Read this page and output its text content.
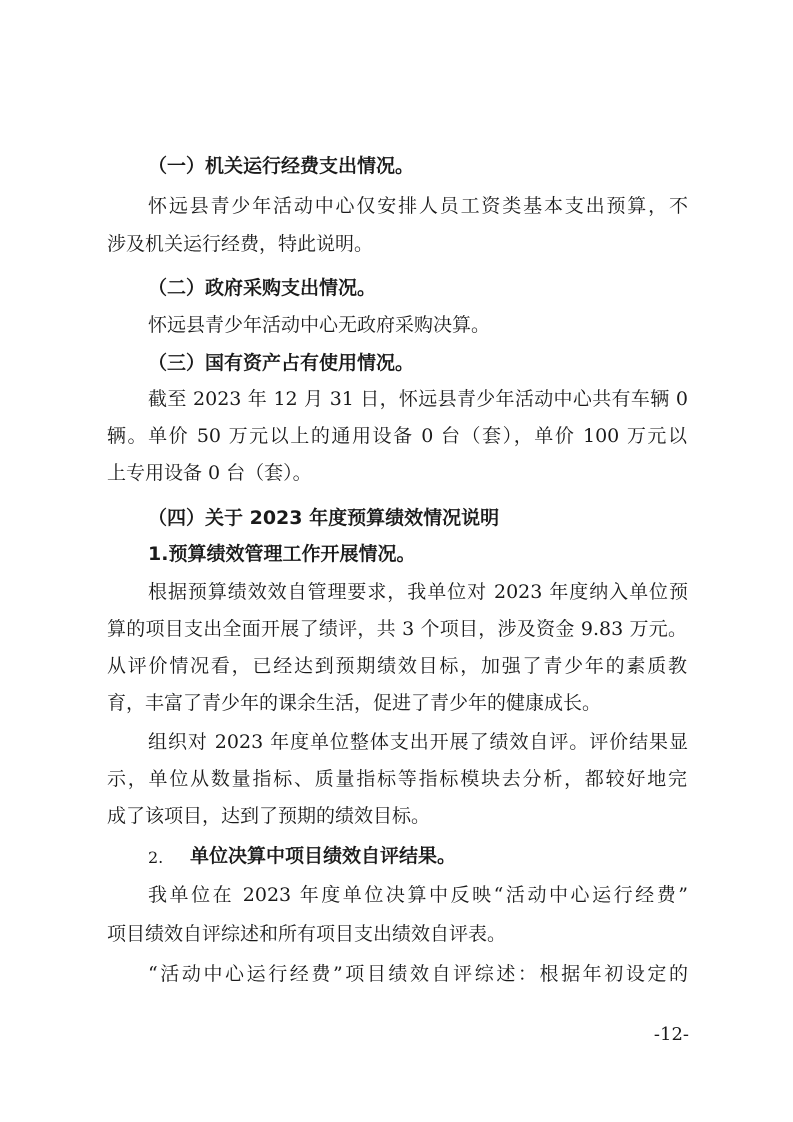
（一）机关运行经费支出情况。
怀远县青少年活动中心仅安排人员工资类基本支出预算，不
涉及机关运行经费，特此说明。
（二）政府采购支出情况。
怀远县青少年活动中心无政府采购决算。
（三）国有资产占有使用情况。
截至 2023 年 12 月 31 日，怀远县青少年活动中心共有车辆 0
辆。单价 50 万元以上的通用设备 0 台（套），单价 100 万元以
上专用设备 0 台（套）。
（四）关于 2023 年度预算绩效情况说明
1.预算绩效管理工作开展情况。
根据预算绩效效自管理要求，我单位对 2023 年度纳入单位预
算的项目支出全面开展了绩评，共 3 个项目，涉及资金 9.83 万元。
从评价情况看，已经达到预期绩效目标，加强了青少年的素质教
育，丰富了青少年的课余生活，促进了青少年的健康成长。
组织对 2023 年度单位整体支出开展了绩效自评。评价结果显
示，单位从数量指标、质量指标等指标模块去分析，都较好地完
成了该项目，达到了预期的绩效目标。
2.	单位决算中项目绩效自评结果。
我单位在 2023 年度单位决算中反映“活动中心运行经费”
项目绩效自评综述和所有项目支出绩效自评表。
“活动中心运行经费”项目绩效自评综述：根据年初设定的
-12-
